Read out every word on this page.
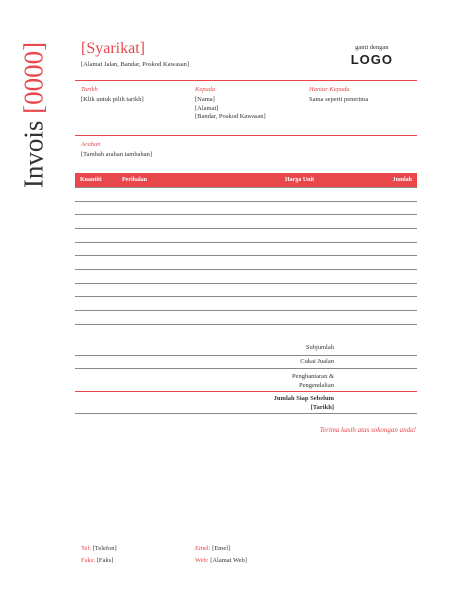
Invois [0000] [Syarikat]
[Alamat Jalan, Bandar, Poskod Kawasan]
ganti dengan
LOGO
Tarikh
[Klik untuk pilih tarikh]
Kepada
[Nama]
[Alamat]
[Bandar, Poskod Kawasan]
Hantar Kepada
Sama seperti penerima
Arahan
[Tambah arahan tambahan]
Kuantiti	Perihalan	Harga Unit	Jumlah
Subjumlah
Cukai Jualan
Penghantaran &
Pengendalian
Jumlah Siap Sebelum
[Tarikh]
Terima kasih atas sokongan anda!
Tel: [Telefon]
Faks: [Faks]
Emel: [Emel]
Web: [Alamat Web]
